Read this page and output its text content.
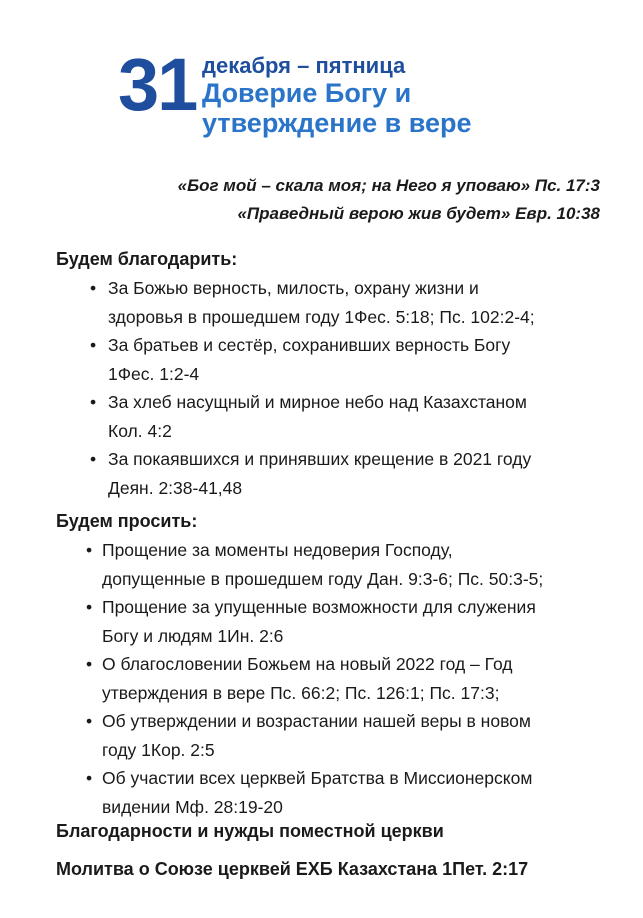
31 декабря – пятница
Доверие Богу и
утверждение в вере
«Бог мой – скала моя; на Него я уповаю» Пс. 17:3
«Праведный верою жив будет» Евр. 10:38
Будем благодарить:
• За Божью верность, милость, охрану жизни и
здоровья в прошедшем году 1Фес. 5:18; Пс. 102:2-4;
• За братьев и сестёр, сохранивших верность Богу
1Фес. 1:2-4
• За хлеб насущный и мирное небо над Казахстаном
Кол. 4:2
• За покаявшихся и принявших крещение в 2021 году
Деян. 2:38-41,48
Будем просить:
• Прощение за моменты недоверия Господу,
допущенные в прошедшем году Дан. 9:3-6; Пс. 50:3-5;
• Прощение за упущенные возможности для служения
Богу и людям 1Ин. 2:6
• О благословении Божьем на новый 2022 год – Год
утверждения в вере Пс. 66:2; Пс. 126:1; Пс. 17:3;
• Об утверждении и возрастании нашей веры в новом
году 1Кор. 2:5
• Об участии всех церквей Братства в Миссионерском
видении Мф. 28:19-20
Благодарности и нужды поместной церкви
Молитва о Союзе церквей ЕХБ Казахстана 1Пет. 2:17
